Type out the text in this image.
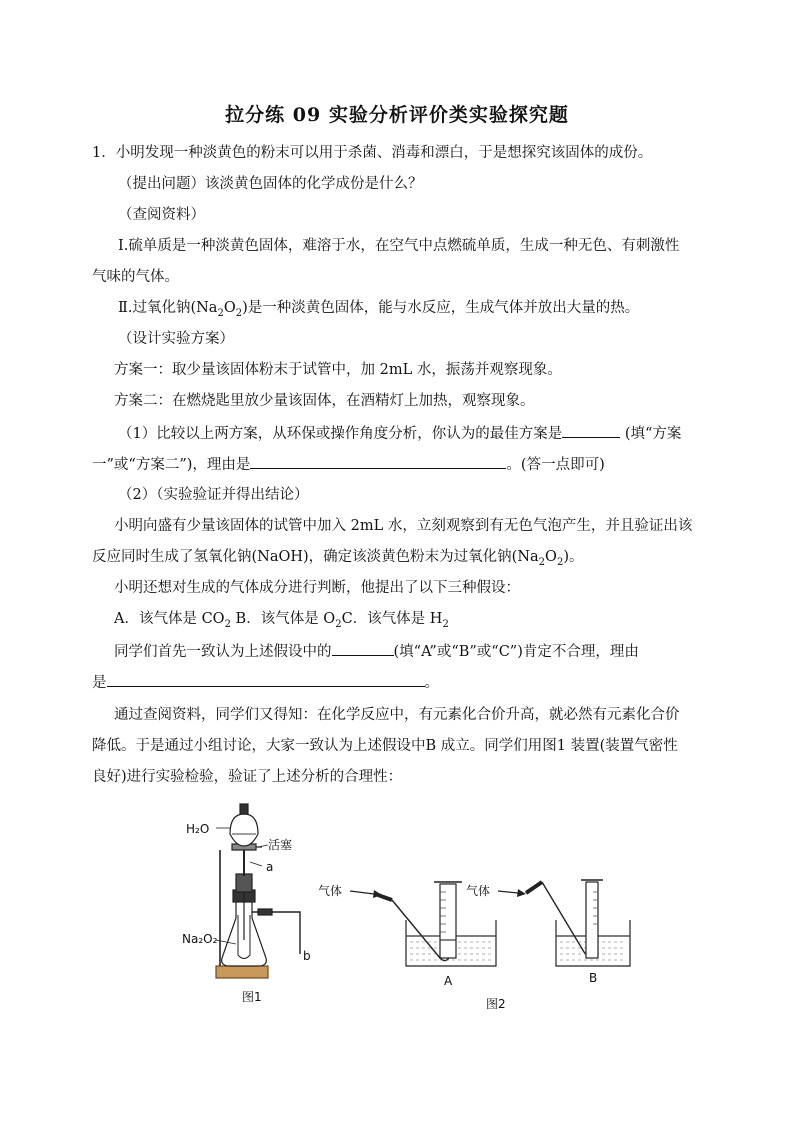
拉分练 09 实验分析评价类实验探究题
1．小明发现一种淡黄色的粉末可以用于杀菌、消毒和漂白，于是想探究该固体的成份。
（提出问题）该淡黄色固体的化学成份是什么？
（查阅资料）
Ⅰ.硫单质是一种淡黄色固体，难溶于水，在空气中点燃硫单质，生成一种无色、有刺激性
气味的气体。
Ⅱ.过氧化钠$(Na_2O_2)$是一种淡黄色固体，能与水反应，生成气体并放出大量的热。
（设计实验方案）
方案一：取少量该固体粉末于试管中，加 2mL 水，振荡并观察现象。
方案二：在燃烧匙里放少量该固体，在酒精灯上加热，观察现象。
（1）比较以上两方案，从环保或操作角度分析，你认为的最佳方案是	(填“方案
一”或“方案二”)，理由是	。(答一点即可)
（2）（实验验证并得出结论）
小明向盛有少量该固体的试管中加入 2mL 水，立刻观察到有无色气泡产生，并且验证出该
反应同时生成了氢氧化钠(NaOH)，确定该淡黄色粉末为过氧化钠$(Na_2O_2)$。
小明还想对生成的气体成分进行判断，他提出了以下三种假设：
A．该气体是 $CO_2$ B．该气体是 $O_2C$．该气体是 $H_2$
同学们首先一致认为上述假设中的	(填“A”或“B”或“C”)肯定不合理，理由
是	。
通过查阅资料，同学们又得知：在化学反应中，有元素化合价升高，就必然有元素化合价
降低。于是通过小组讨论，大家一致认为上述假设中B 成立。同学们用图1 装置(装置气密性
良好)进行实验检验，验证了上述分析的合理性：
H₂O
活塞
a
Na₂O₂
b
图1
气体
A
气体
B
图2
